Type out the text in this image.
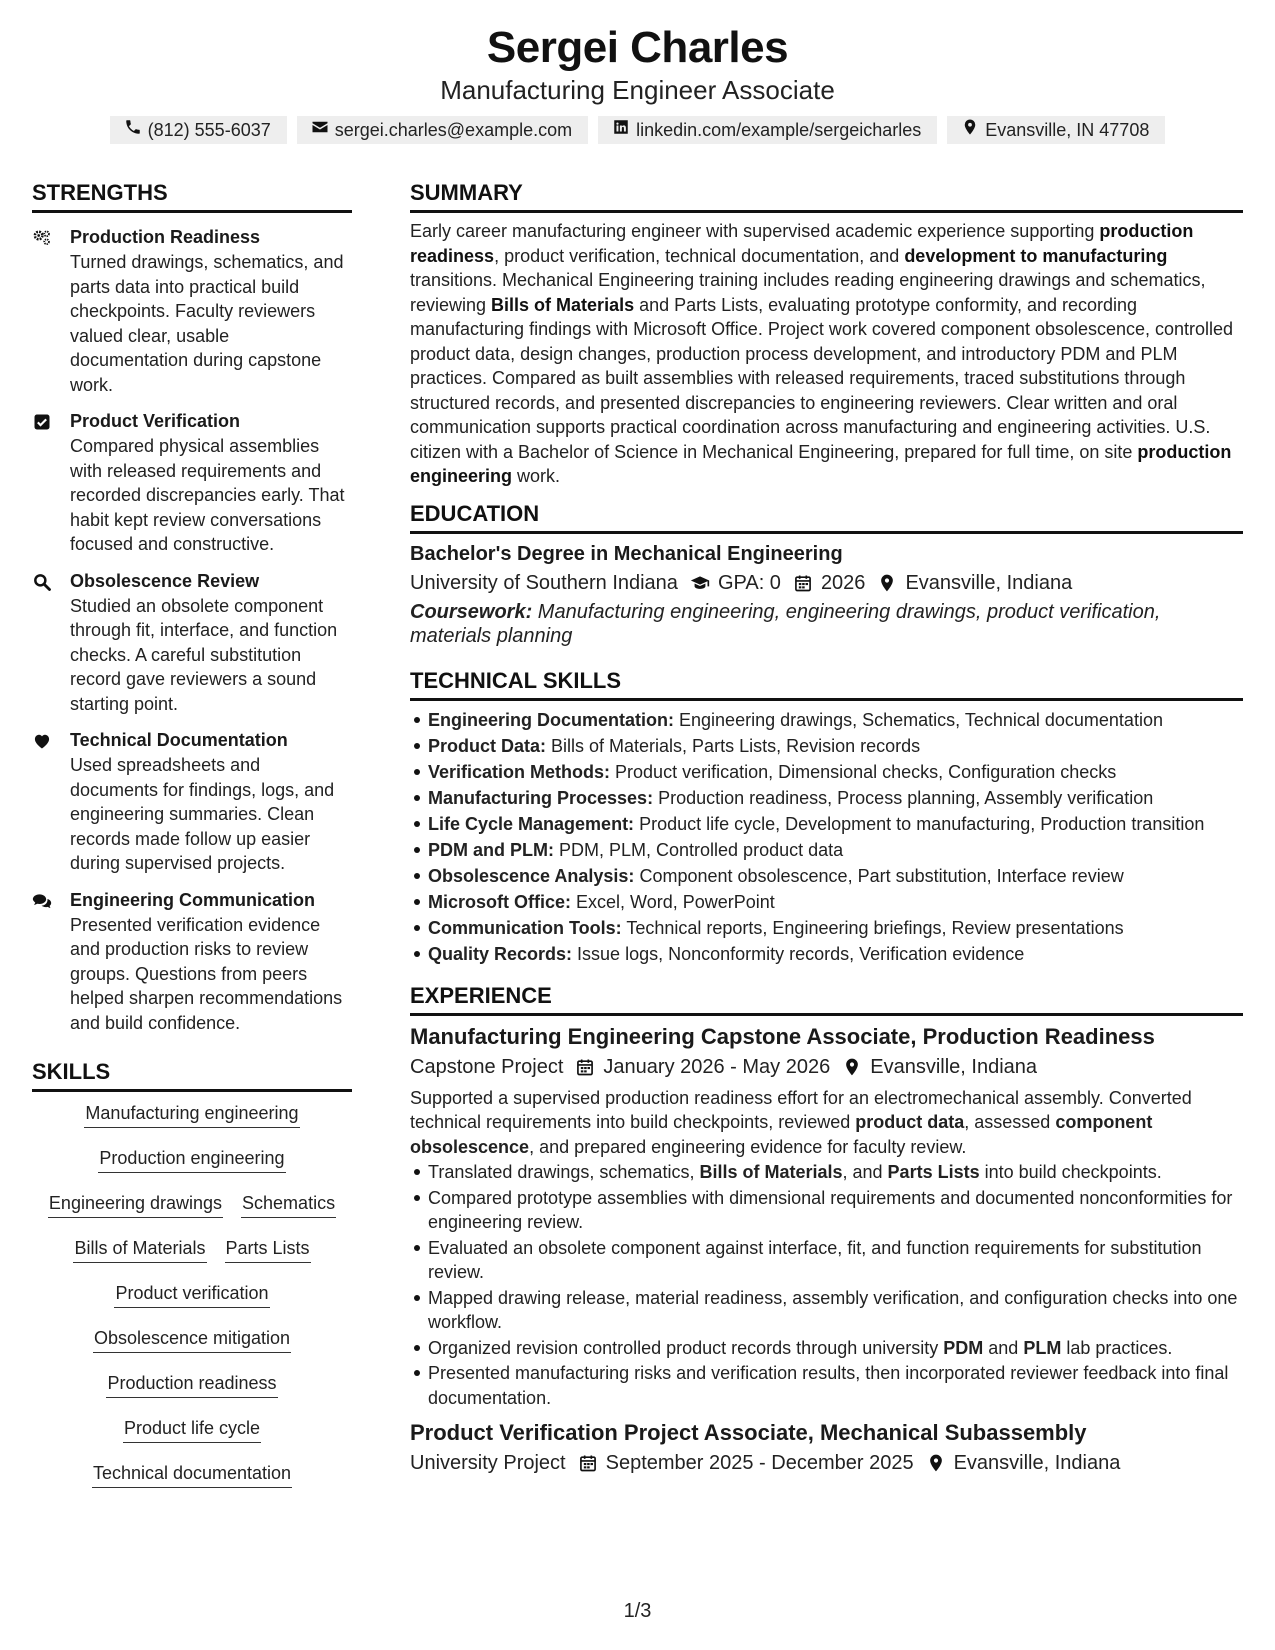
Sergei Charles
Manufacturing Engineer Associate
(812) 555-6037	sergei.charles@example.com	linkedin.com/example/sergeicharles	Evansville, IN 47708
STRENGTHS
Production Readiness
Turned drawings, schematics, and parts data into practical build checkpoints. Faculty reviewers valued clear, usable documentation during capstone work.
Product Verification
Compared physical assemblies with released requirements and recorded discrepancies early. That habit kept review conversations focused and constructive.
Obsolescence Review
Studied an obsolete component through fit, interface, and function checks. A careful substitution record gave reviewers a sound starting point.
Technical Documentation
Used spreadsheets and documents for findings, logs, and engineering summaries. Clean records made follow up easier during supervised projects.
Engineering Communication
Presented verification evidence and production risks to review groups. Questions from peers helped sharpen recommendations and build confidence.
SKILLS
Manufacturing engineering
Production engineering
Engineering drawings Schematics
Bills of Materials Parts Lists
Product verification
Obsolescence mitigation
Production readiness
Product life cycle
Technical documentation
SUMMARY

Early career manufacturing engineer with supervised academic experience supporting production readiness, product verification, technical documentation, and development to manufacturing transitions. Mechanical Engineering training includes reading engineering drawings and schematics, reviewing Bills of Materials and Parts Lists, evaluating prototype conformity, and recording manufacturing findings with Microsoft Office. Project work covered component obsolescence, controlled product data, design changes, production process development, and introductory PDM and PLM practices. Compared as built assemblies with released requirements, traced substitutions through structured records, and presented discrepancies to engineering reviewers. Clear written and oral communication supports practical coordination across manufacturing and engineering activities. U.S. citizen with a Bachelor of Science in Mechanical Engineering, prepared for full time, on site production engineering work.

EDUCATION
Bachelor's Degree in Mechanical Engineering
University of Southern Indiana GPA: 0 2026 Evansville, Indiana
Coursework: Manufacturing engineering, engineering drawings, product verification, materials planning
TECHNICAL SKILLS
Engineering Documentation: Engineering drawings, Schematics, Technical documentation
Product Data: Bills of Materials, Parts Lists, Revision records
Verification Methods: Product verification, Dimensional checks, Configuration checks
Manufacturing Processes: Production readiness, Process planning, Assembly verification
Life Cycle Management: Product life cycle, Development to manufacturing, Production transition
PDM and PLM: PDM, PLM, Controlled product data
Obsolescence Analysis: Component obsolescence, Part substitution, Interface review
Microsoft Office: Excel, Word, PowerPoint
Communication Tools: Technical reports, Engineering briefings, Review presentations
Quality Records: Issue logs, Nonconformity records, Verification evidence
EXPERIENCE
Manufacturing Engineering Capstone Associate, Production Readiness
Capstone Project January 2026 - May 2026 Evansville, Indiana

Supported a supervised production readiness effort for an electromechanical assembly. Converted technical requirements into build checkpoints, reviewed product data, assessed component obsolescence, and prepared engineering evidence for faculty review.

Translated drawings, schematics, Bills of Materials, and Parts Lists into build checkpoints.
Compared prototype assemblies with dimensional requirements and documented nonconformities for engineering review.
Evaluated an obsolete component against interface, fit, and function requirements for substitution review.
Mapped drawing release, material readiness, assembly verification, and configuration checks into one workflow.
Organized revision controlled product records through university PDM and PLM lab practices.
Presented manufacturing risks and verification results, then incorporated reviewer feedback into final documentation.
Product Verification Project Associate, Mechanical Subassembly
University Project September 2025 - December 2025 Evansville, Indiana
1/3
